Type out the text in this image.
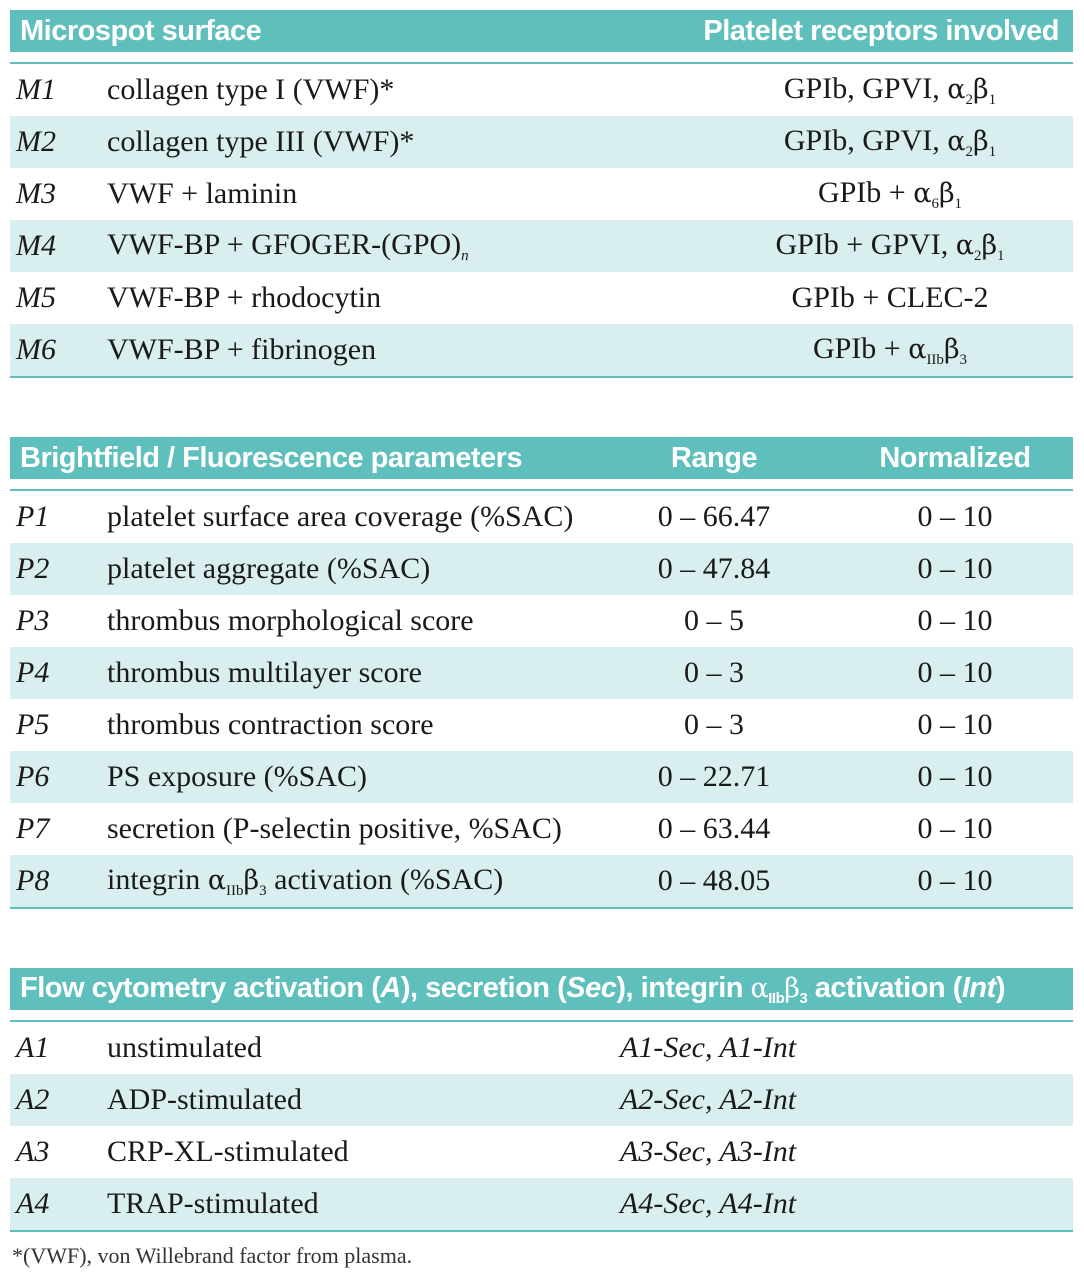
Microspot surface	Platelet receptors involved
M1 collagen type I (VWF)*	GPIb, GPVI, $\alpha_2\beta_1$
M2 collagen type III (VWF)*	GPIb, GPVI, $\alpha_2\beta_1$
M3 VWF + laminin	GPIb + $\alpha_6\beta_1$
M4 VWF-BP + GFOGER-$(GPO)_n$	GPIb + GPVI, $\alpha_2\beta_1$
M5 VWF-BP + rhodocytin	GPIb + CLEC-2
M6 VWF-BP + fibrinogen	GPIb + $\alpha_{IIb}\beta_3$
Brightfield / Fluorescence parameters	Range	Normalized
P1 platelet surface area coverage (%SAC)	0 – 66.47	0 – 10
P2 platelet aggregate (%SAC)	0 – 47.84	0 – 10
P3 thrombus morphological score	0 – 5	0 – 10
P4 thrombus multilayer score	0 – 3	0 – 10
P5 thrombus contraction score	0 – 3	0 – 10
P6 PS exposure (%SAC)	0 – 22.71	0 – 10
P7 secretion (P-selectin positive, %SAC)	0 – 63.44	0 – 10
P8 integrin $\alpha_{IIb}\beta_3$ activation (%SAC)	0 – 48.05	0 – 10
Flow cytometry activation (A), secretion (Sec), integrin $\alpha_{IIb}\beta_3$ activation (Int)
A1 unstimulated	A1-Sec, A1-Int
A2 ADP-stimulated	A2-Sec, A2-Int
A3 CRP-XL-stimulated	A3-Sec, A3-Int
A4 TRAP-stimulated	A4-Sec, A4-Int
*(VWF), von Willebrand factor from plasma.
